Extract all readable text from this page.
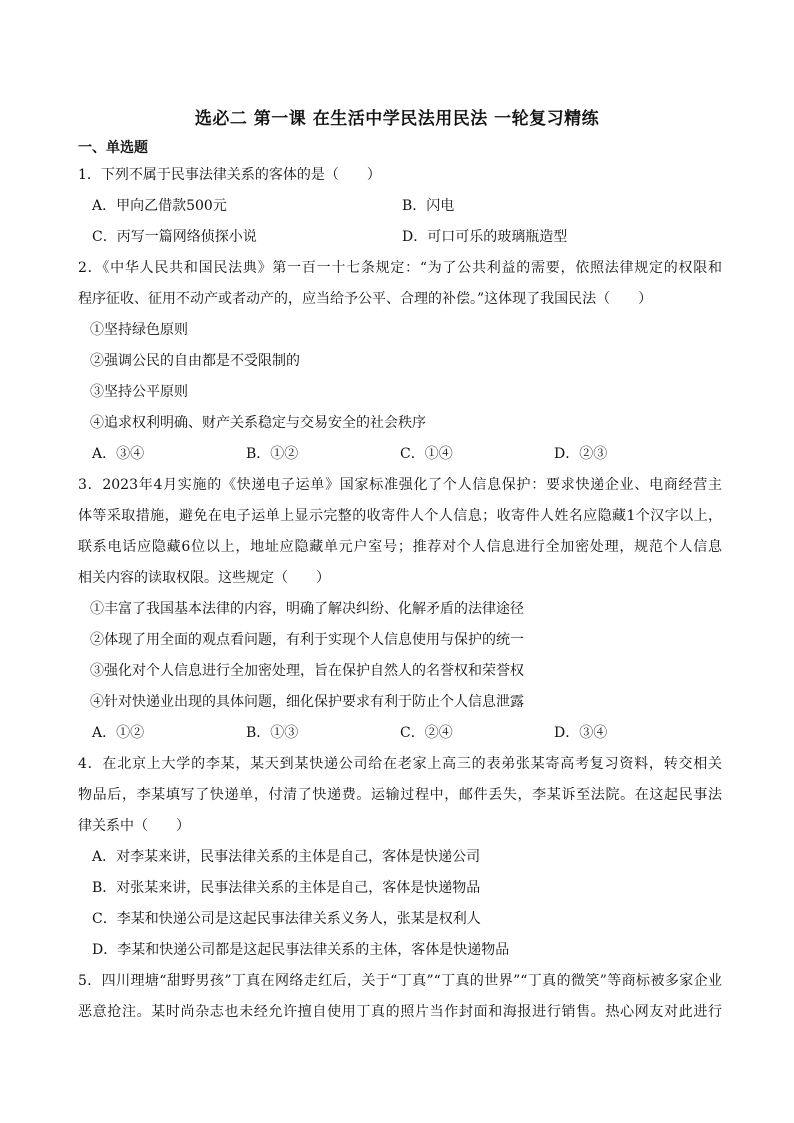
选必二 第一课 在生活中学民法用民法 一轮复习精练
一、单选题
1．下列不属于民事法律关系的客体的是（　　）
A．甲向乙借款500元	B．闪电
C．丙写一篇网络侦探小说	D．可口可乐的玻璃瓶造型
2．《中华人民共和国民法典》第一百一十七条规定：“为了公共利益的需要，依照法律规定的权限和
程序征收、征用不动产或者动产的，应当给予公平、合理的补偿。”这体现了我国民法（　　）
①坚持绿色原则
②强调公民的自由都是不受限制的
③坚持公平原则
④追求权利明确、财产关系稳定与交易安全的社会秩序
A．③④	B．①②	C．①④	D．②③
3．2023年4月实施的《快递电子运单》国家标准强化了个人信息保护：要求快递企业、电商经营主
体等采取措施，避免在电子运单上显示完整的收寄件人个人信息；收寄件人姓名应隐藏1个汉字以上，
联系电话应隐藏6位以上，地址应隐藏单元户室号；推荐对个人信息进行全加密处理，规范个人信息
相关内容的读取权限。这些规定（　　）
①丰富了我国基本法律的内容，明确了解决纠纷、化解矛盾的法律途径
②体现了用全面的观点看问题，有利于实现个人信息使用与保护的统一
③强化对个人信息进行全加密处理，旨在保护自然人的名誉权和荣誉权
④针对快递业出现的具体问题，细化保护要求有利于防止个人信息泄露
A．①②	B．①③	C．②④	D．③④
4．在北京上大学的李某，某天到某快递公司给在老家上高三的表弟张某寄高考复习资料，转交相关
物品后，李某填写了快递单，付清了快递费。运输过程中，邮件丢失，李某诉至法院。在这起民事法
律关系中（　　）
A．对李某来讲，民事法律关系的主体是自己，客体是快递公司
B．对张某来讲，民事法律关系的主体是自己，客体是快递物品
C．李某和快递公司是这起民事法律关系义务人，张某是权利人
D．李某和快递公司都是这起民事法律关系的主体，客体是快递物品
5．四川理塘“甜野男孩”丁真在网络走红后，关于“丁真”“丁真的世界”“丁真的微笑”等商标被多家企业
恶意抢注。某时尚杂志也未经允许擅自使用丁真的照片当作封面和海报进行销售。热心网友对此进行
